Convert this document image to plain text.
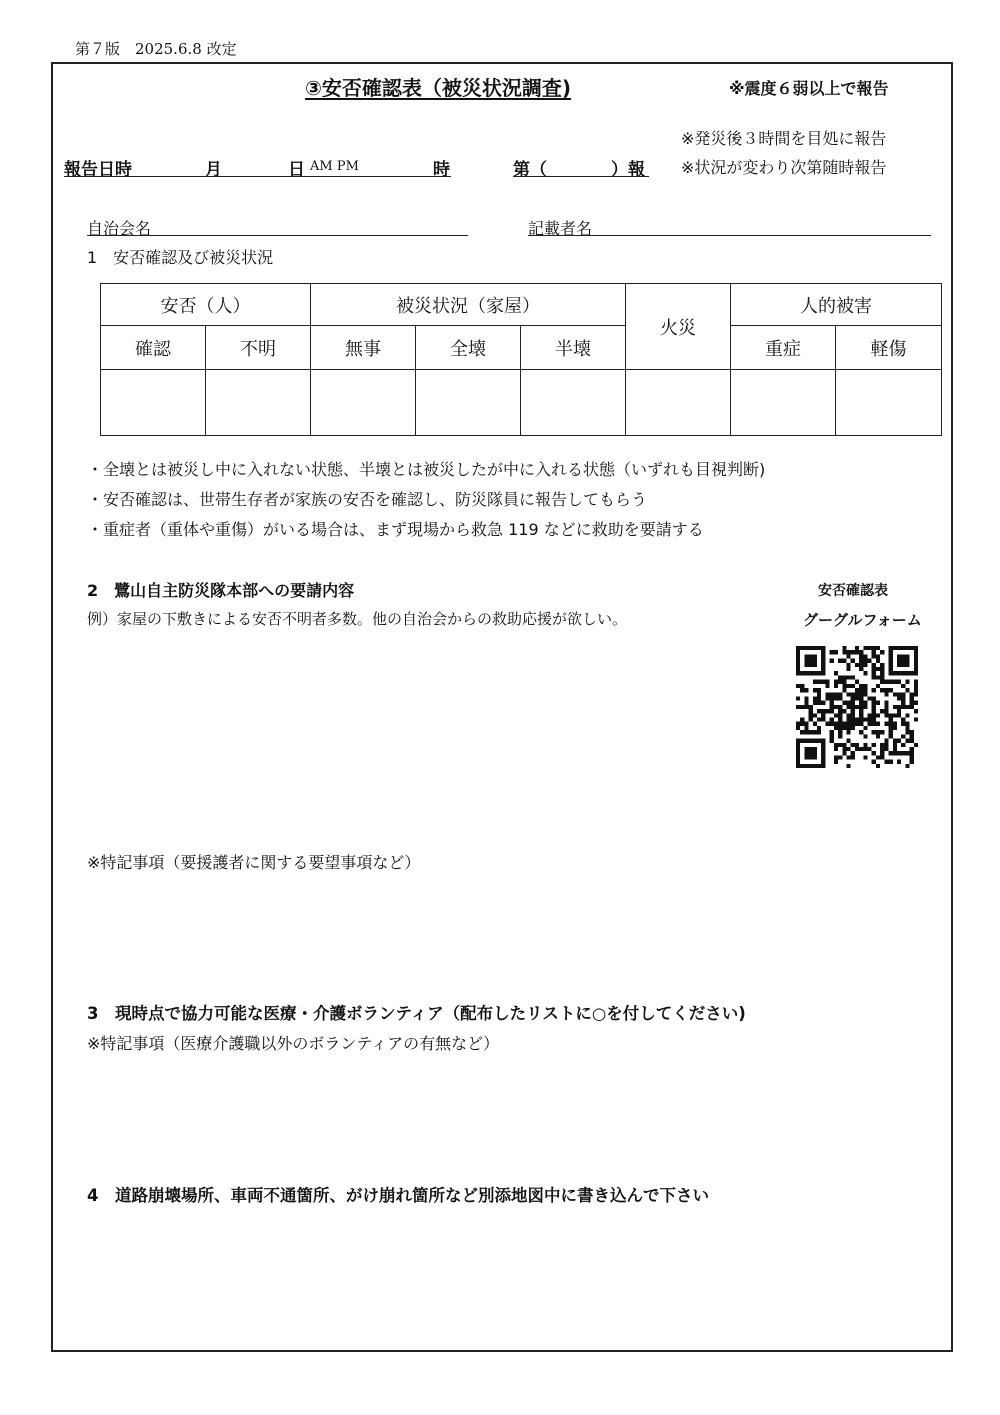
第７版　2025.6.8 改定
③安否確認表（被災状況調査)	※震度６弱以上で報告
※発災後３時間を目処に報告
※状況が変わり次第随時報告
報告日時	月	日 AM PM	時	第（	）報
自治会名	記載者名
1　安否確認及び被災状況
安否（人）		被災状況（家屋）			火災	人的被害	
確認	不明	無事	全壊	半壊		重症	軽傷

・全壊とは被災し中に入れない状態、半壊とは被災したが中に入れる状態（いずれも目視判断)
・安否確認は、世帯生存者が家族の安否を確認し、防災隊員に報告してもらう
・重症者（重体や重傷）がいる場合は、まず現場から救急 119 などに救助を要請する
2　鷺山自主防災隊本部への要請内容
例）家屋の下敷きによる安否不明者多数。他の自治会からの救助応援が欲しい。
安否確認表
グーグルフォーム
※特記事項（要援護者に関する要望事項など）
3　現時点で協力可能な医療・介護ボランティア（配布したリストに○を付してください)
※特記事項（医療介護職以外のボランティアの有無など）
4　道路崩壊場所、車両不通箇所、がけ崩れ箇所など別添地図中に書き込んで下さい
